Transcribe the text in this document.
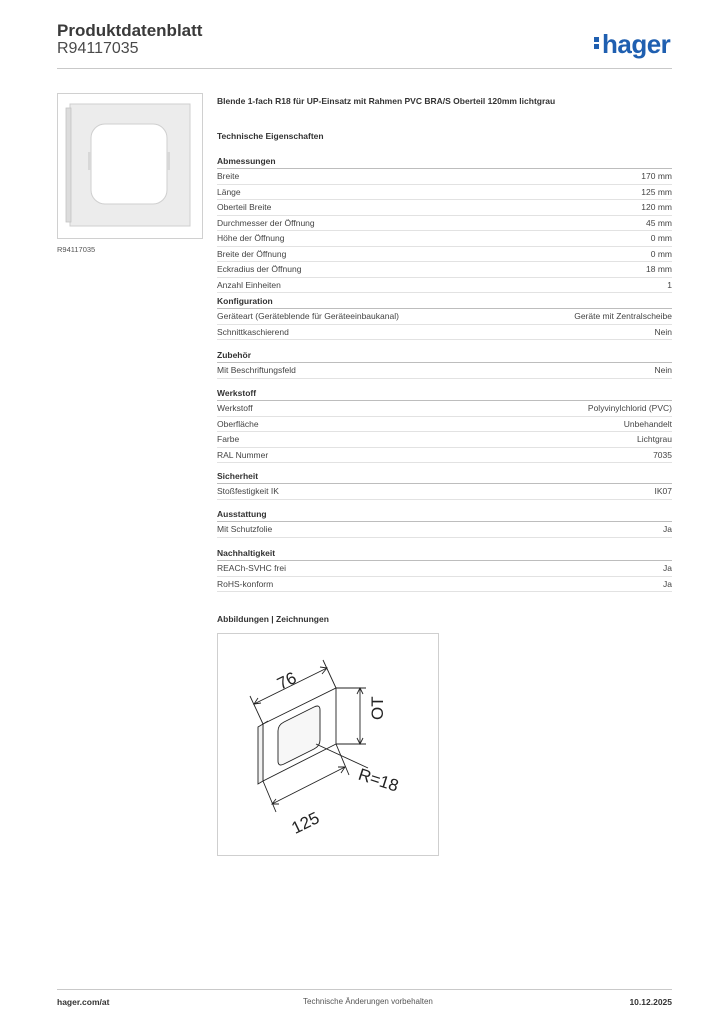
Produktdatenblatt
R94117035	hager
R94117035
Blende 1-fach R18 für UP-Einsatz mit Rahmen PVC BRA/S Oberteil 120mm lichtgrau
Technische Eigenschaften
Abmessungen
Breite	170 mm
Länge	125 mm
Oberteil Breite	120 mm
Durchmesser der Öffnung	45 mm
Höhe der Öffnung	0 mm
Breite der Öffnung	0 mm
Eckradius der Öffnung	18 mm
Anzahl Einheiten	1
Konfiguration
Geräteart (Geräteblende für Geräteeinbaukanal)	Geräte mit Zentralscheibe
Schnittkaschierend	Nein
Zubehör
Mit Beschriftungsfeld	Nein
Werkstoff
Werkstoff	Polyvinylchlorid (PVC)
Oberfläche	Unbehandelt
Farbe	Lichtgrau
RAL Nummer	7035
Sicherheit
Stoßfestigkeit IK	IK07
Ausstattung
Mit Schutzfolie	Ja
Nachhaltigkeit
REACh-SVHC frei	Ja
RoHS-konform	Ja
Abbildungen | Zeichnungen
76
OT
R=18
125
hager.com/at	Technische Änderungen vorbehalten	10.12.2025
